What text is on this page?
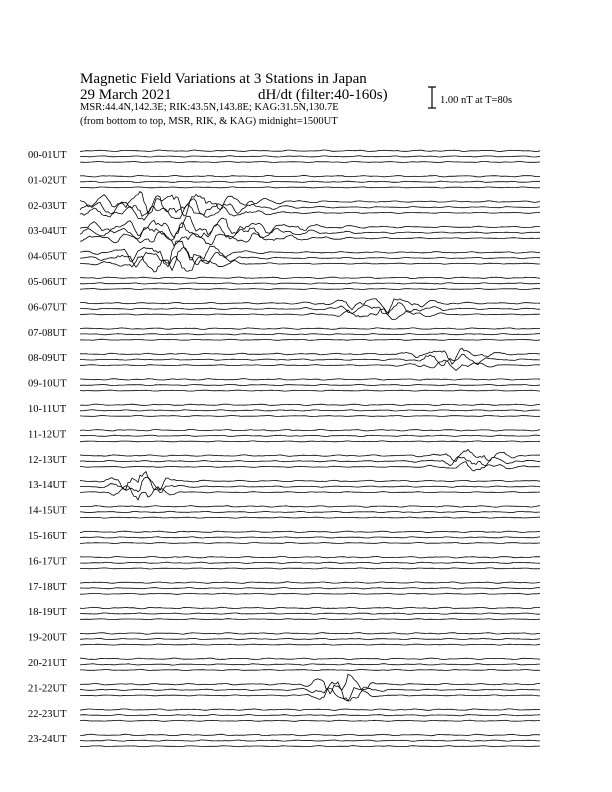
Magnetic Field Variations at 3 Stations in Japan
29 March 2021	dH/dt (filter:40-160s)
MSR:44.4N,142.3E; RIK:43.5N,143.8E; KAG:31.5N,130.7E
(from bottom to top, MSR, RIK, & KAG) midnight=1500UT
1.00 nT at T=80s
00-01UT
01-02UT
02-03UT
03-04UT
04-05UT
05-06UT
06-07UT
07-08UT
08-09UT
09-10UT
10-11UT
11-12UT
12-13UT
13-14UT
14-15UT
15-16UT
16-17UT
17-18UT
18-19UT
19-20UT
20-21UT
21-22UT
22-23UT
23-24UT
